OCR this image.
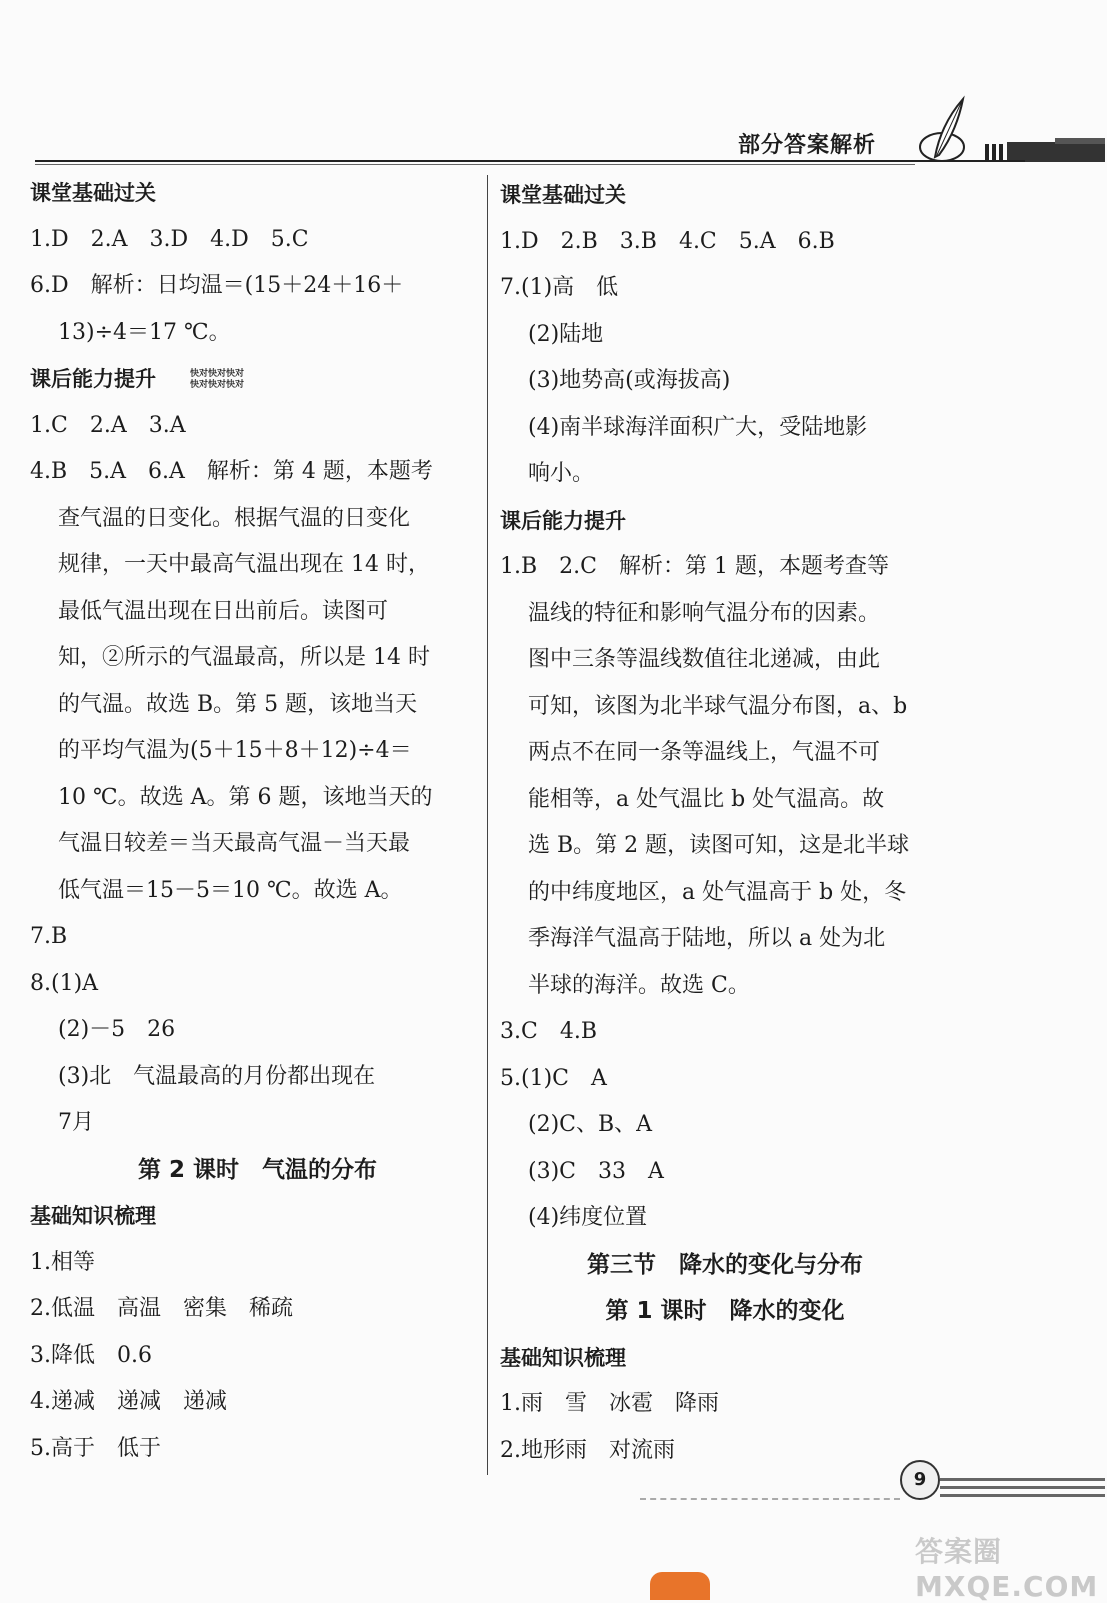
部分答案解析
课堂基础过关
1.D　2.A　3.D　4.D　5.C
6.D　解析：日均温＝(15＋24＋16＋
13)÷4＝17 ℃。
课后能力提升	快对快对快对
快对快对快对
1.C　2.A　3.A
4.B　5.A　6.A　解析：第 4 题，本题考
查气温的日变化。根据气温的日变化
规律，一天中最高气温出现在 14 时，
最低气温出现在日出前后。读图可
知，②所示的气温最高，所以是 14 时
的气温。故选 B。第 5 题，该地当天
的平均气温为(5＋15＋8＋12)÷4＝
10 ℃。故选 A。第 6 题，该地当天的
气温日较差＝当天最高气温－当天最
低气温＝15－5＝10 ℃。故选 A。
7.B
8.(1)A
(2)－5　26
(3)北　气温最高的月份都出现在
7月
第 2 课时　气温的分布
基础知识梳理
1.相等
2.低温　高温　密集　稀疏
3.降低　0.6
4.递减　递减　递减
5.高于　低于
课堂基础过关
1.D　2.B　3.B　4.C　5.A　6.B
7.(1)高　低
(2)陆地
(3)地势高(或海拔高)
(4)南半球海洋面积广大，受陆地影
响小。
课后能力提升
1.B　2.C　解析：第 1 题，本题考查等
温线的特征和影响气温分布的因素。
图中三条等温线数值往北递减，由此
可知，该图为北半球气温分布图，a、b
两点不在同一条等温线上，气温不可
能相等，a 处气温比 b 处气温高。故
选 B。第 2 题，读图可知，这是北半球
的中纬度地区，a 处气温高于 b 处，冬
季海洋气温高于陆地，所以 a 处为北
半球的海洋。故选 C。
3.C　4.B
5.(1)C　A
(2)C、B、A
(3)C　33　A
(4)纬度位置
第三节　降水的变化与分布
第 1 课时　降水的变化
基础知识梳理
1.雨　雪　冰雹　降雨
2.地形雨　对流雨
9
答案圈 MXQE.COM
